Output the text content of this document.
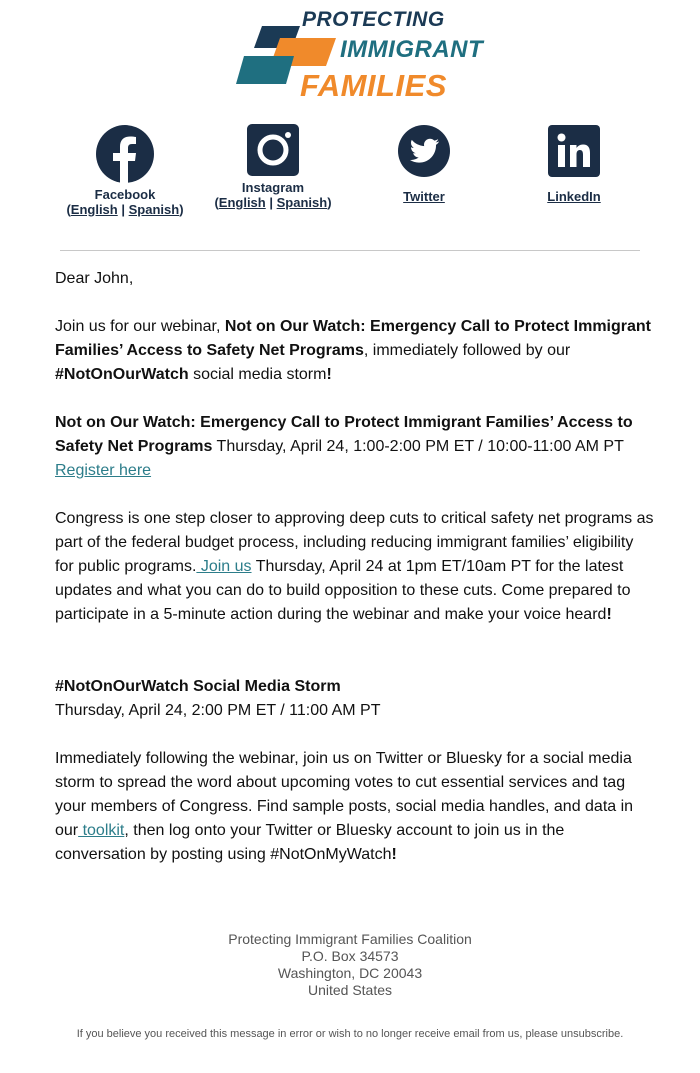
PROTECTING
IMMIGRANT
FAMILIES
Facebook
(English | Spanish)
Instagram
(English | Spanish)	Twitter	LinkedIn
Dear John,
Join us for our webinar, Not on Our Watch: Emergency Call to Protect Immigrant Families’ Access to Safety Net Programs, immediately followed by our #NotOnOurWatch social media storm!
Not on Our Watch: Emergency Call to Protect Immigrant Families’ Access to Safety Net Programs Thursday, April 24, 1:00-2:00 PM ET / 10:00-11:00 AM PT
Register here
Congress is one step closer to approving deep cuts to critical safety net programs as part of the federal budget process, including reducing immigrant families’ eligibility for public programs. Join us Thursday, April 24 at 1pm ET/10am PT for the latest updates and what you can do to build opposition to these cuts. Come prepared to participate in a 5-minute action during the webinar and make your voice heard!
#NotOnOurWatch Social Media Storm
Thursday, April 24, 2:00 PM ET / 11:00 AM PT
Immediately following the webinar, join us on Twitter or Bluesky for a social media storm to spread the word about upcoming votes to cut essential services and tag your members of Congress. Find sample posts, social media handles, and data in our toolkit, then log onto your Twitter or Bluesky account to join us in the conversation by posting using #NotOnMyWatch!
Protecting Immigrant Families Coalition
P.O. Box 34573
Washington, DC 20043
United States
If you believe you received this message in error or wish to no longer receive email from us, please unsubscribe.
